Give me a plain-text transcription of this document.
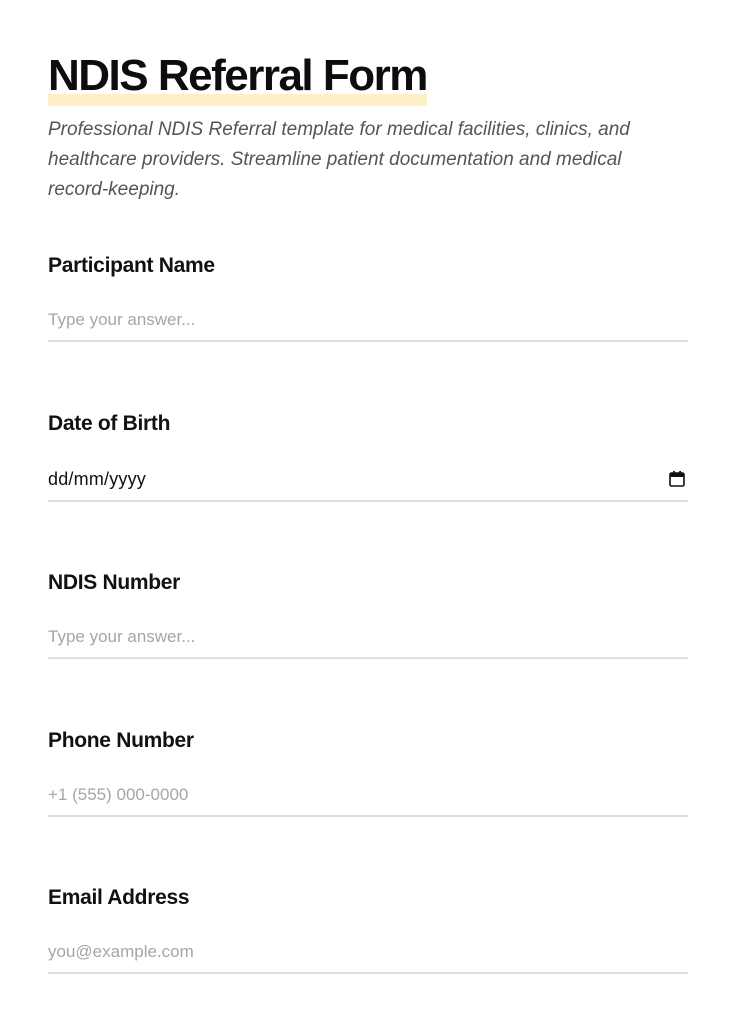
NDIS Referral Form

Professional NDIS Referral template for medical facilities, clinics, and healthcare providers. Streamline patient documentation and medical record-keeping.

Participant Name
Type your answer...
Date of Birth
dd/mm/yyyy
NDIS Number
Type your answer...
Phone Number
+1 (555) 000-0000
Email Address
you@example.com
